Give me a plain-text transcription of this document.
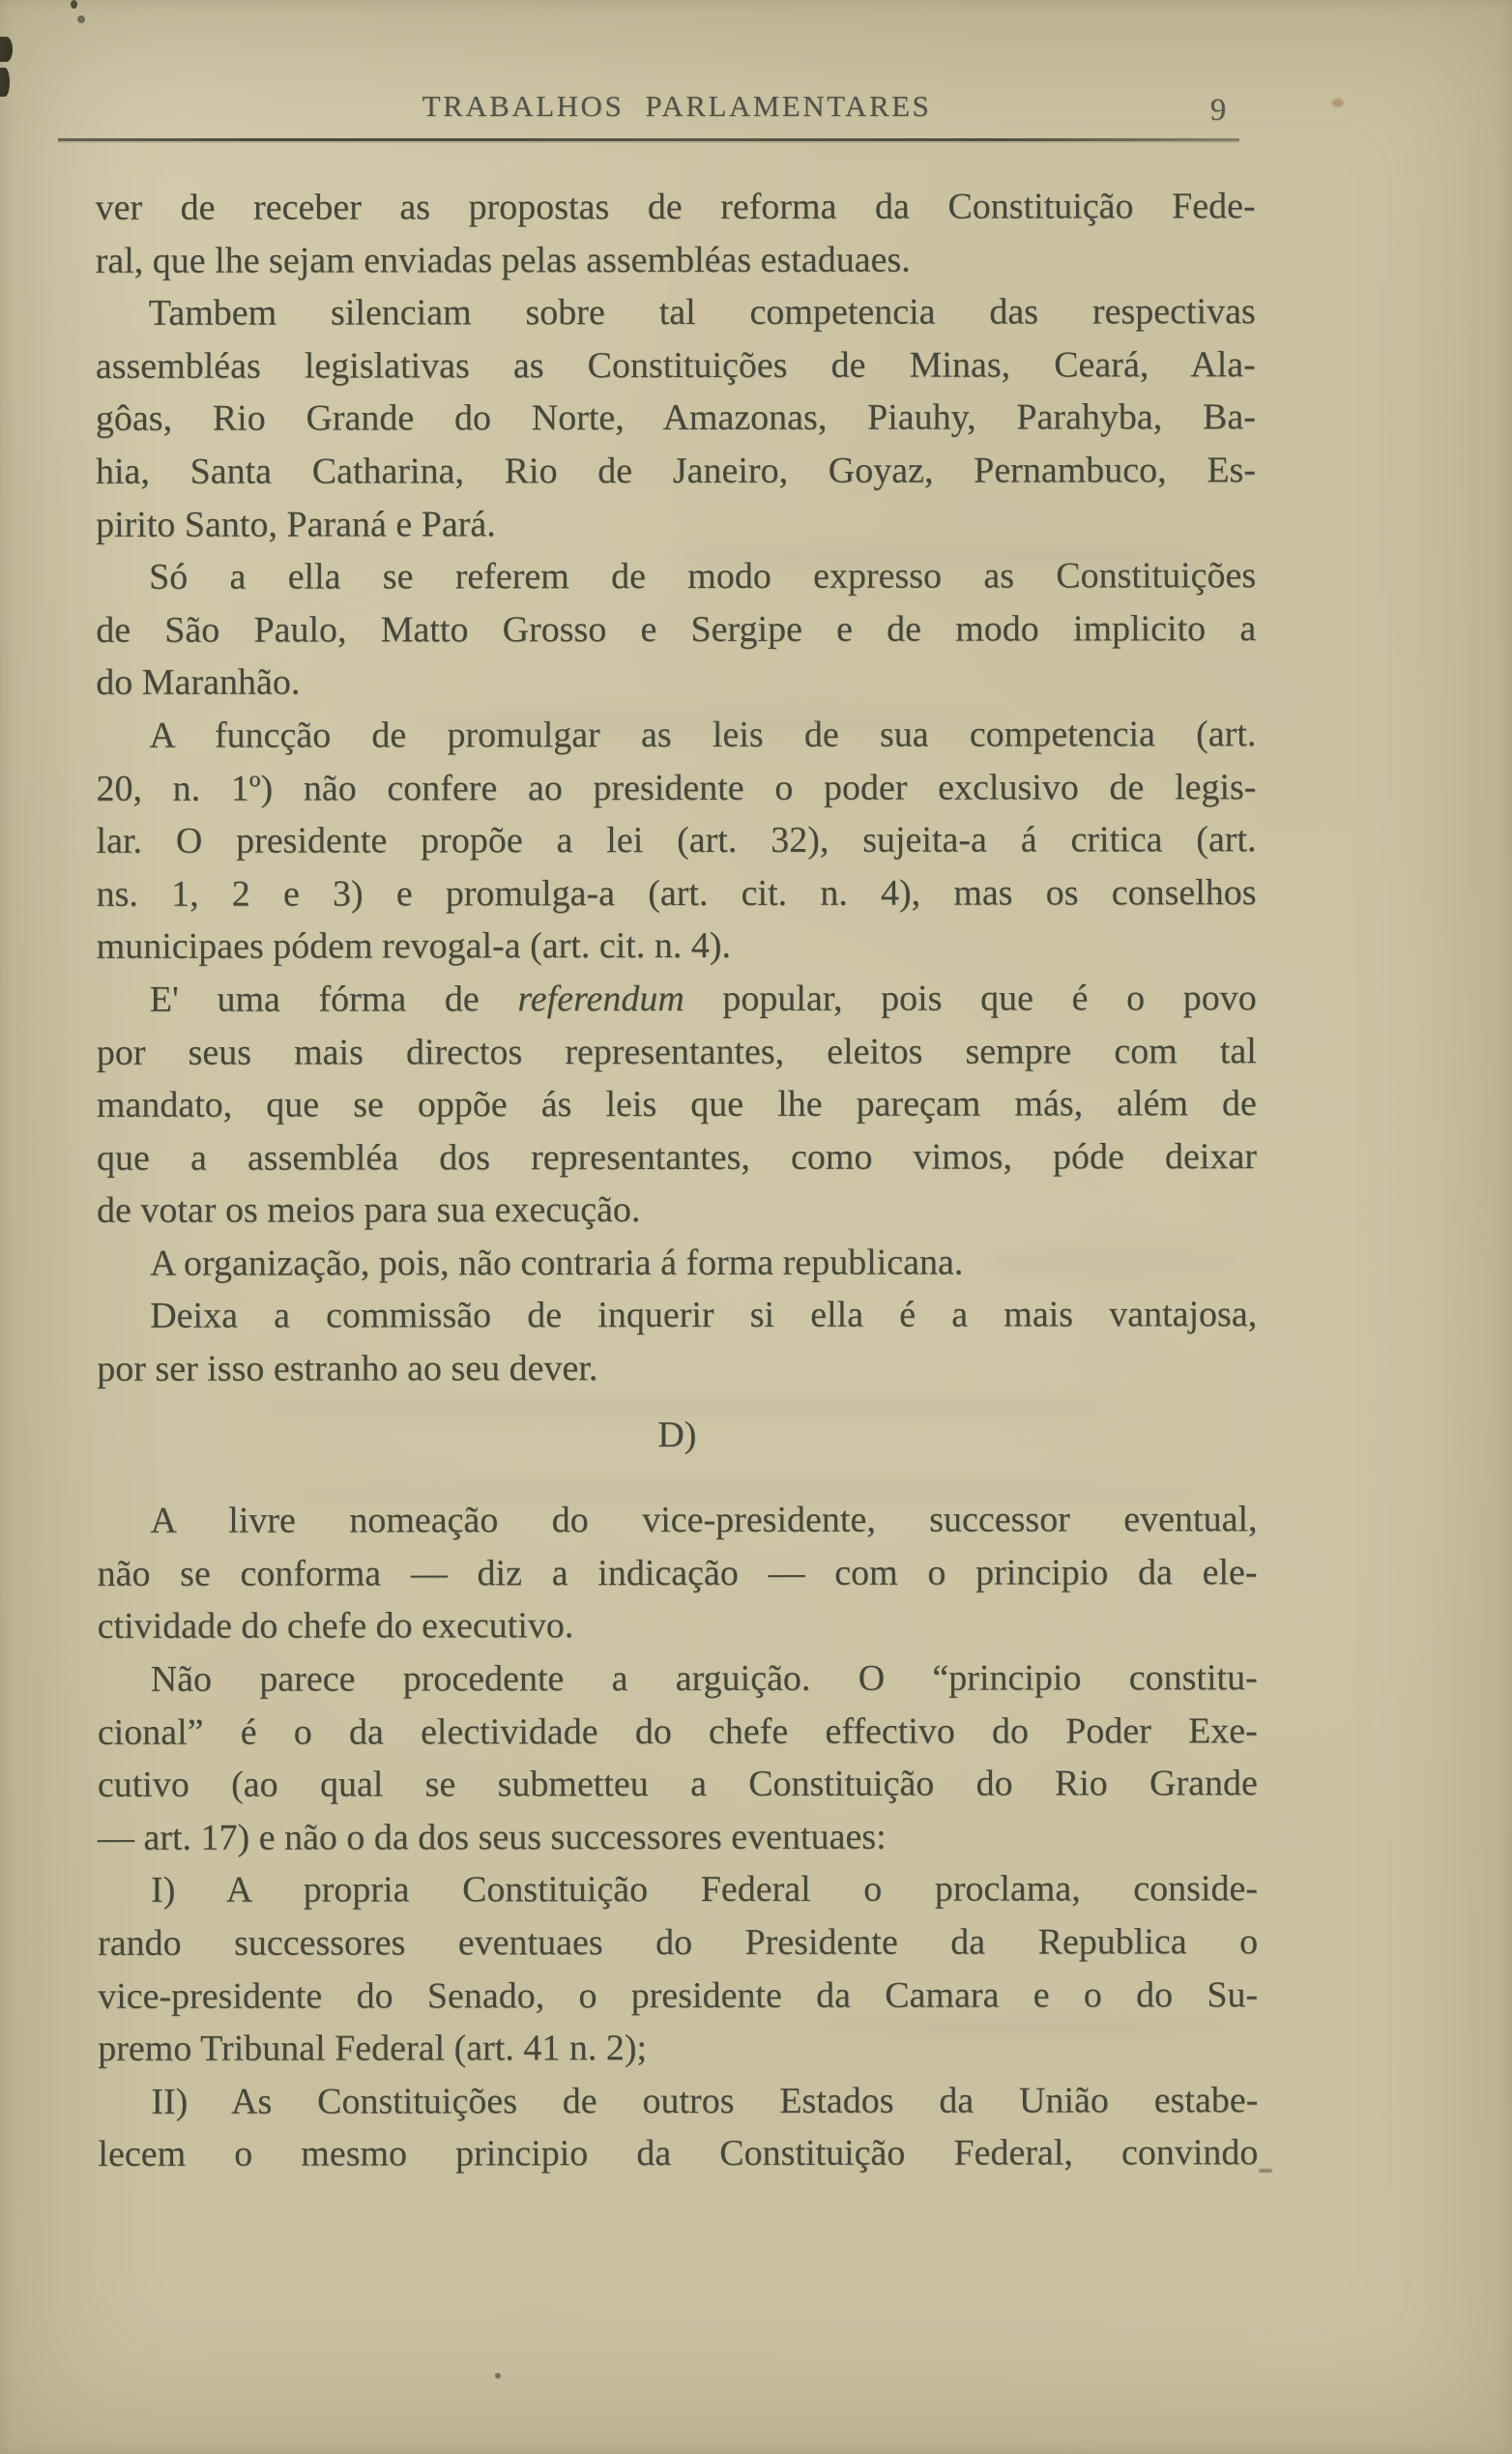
TRABALHOS PARLAMENTARES	9
ver de receber as propostas de reforma da Constituição Fede-
ral, que lhe sejam enviadas pelas assembléas estaduaes.
Tambem silenciam sobre tal competencia das respectivas
assembléas legislativas as Constituições de Minas, Ceará, Ala-
gôas, Rio Grande do Norte, Amazonas, Piauhy, Parahyba, Ba-
hia, Santa Catharina, Rio de Janeiro, Goyaz, Pernambuco, Es-
pirito Santo, Paraná e Pará.
Só a ella se referem de modo expresso as Constituições
de São Paulo, Matto Grosso e Sergipe e de modo implicito a
do Maranhão.
A funcção de promulgar as leis de sua competencia (art.
20, n. 1º) não confere ao presidente o poder exclusivo de legis-
lar. O presidente propõe a lei (art. 32), sujeita-a á critica (art.
ns. 1, 2 e 3) e promulga-a (art. cit. n. 4), mas os conselhos
municipaes pódem revogal-a (art. cit. n. 4).
E' uma fórma de referendum popular, pois que é o povo
por seus mais directos representantes, eleitos sempre com tal
mandato, que se oppõe ás leis que lhe pareçam más, além de
que a assembléa dos representantes, como vimos, póde deixar
de votar os meios para sua execução.
A organização, pois, não contraria á forma republicana.
Deixa a commissão de inquerir si ella é a mais vantajosa,
por ser isso estranho ao seu dever.
D)
A livre nomeação do vice-presidente, successor eventual,
não se conforma — diz a indicação — com o principio da ele-
ctividade do chefe do executivo.
Não parece procedente a arguição. O “principio constitu-
cional” é o da electividade do chefe effectivo do Poder Exe-
cutivo (ao qual se submetteu a Constituição do Rio Grande
— art. 17) e não o da dos seus successores eventuaes:
I) A propria Constituição Federal o proclama, conside-
rando successores eventuaes do Presidente da Republica o
vice-presidente do Senado, o presidente da Camara e o do Su-
premo Tribunal Federal (art. 41 n. 2);
II) As Constituições de outros Estados da União estabe-
lecem o mesmo principio da Constituição Federal, convindo
